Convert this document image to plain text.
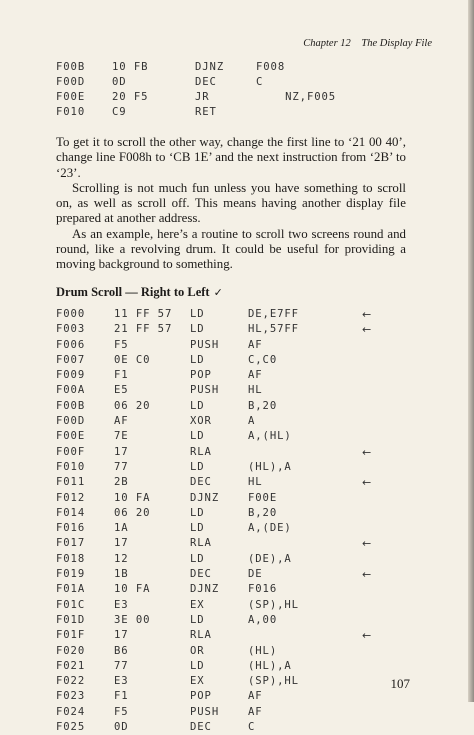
Chapter 12 The Display File
F00B	10 FB	DJNZ	F008
F00D	0D	DEC	C
F00E	20 F5	JR	NZ,F005
F010	C9	RET

To get it to scroll the other way, change the first line to ‘21 00 40’, change line F008h to ‘CB 1E’ and the next instruction from ‘2B’ to ‘23’.

Scrolling is not much fun unless you have something to scroll on, as well as scroll off. This means having another display file prepared at another address.

As an example, here’s a routine to scroll two screens round and round, like a revolving drum. It could be useful for providing a moving background to something.

Drum Scroll — Right to Left ✓
F000	11 FF 57 LD	DE,E7FF	←
F003	21 FF 57 LD	HL,57FF	←
F006	F5	PUSH	AF
F007	0E C0	LD	C,C0
F009	F1	POP	AF
F00A	E5	PUSH	HL
F00B	06 20	LD	B,20
F00D	AF	XOR	A
F00E	7E	LD	A,(HL)
F00F	17	RLA	←
F010	77	LD	(HL),A
F011	2B	DEC	HL	←
F012	10 FA	DJNZ	F00E
F014	06 20	LD	B,20
F016	1A	LD	A,(DE)
F017	17	RLA	←
F018	12	LD	(DE),A
F019	1B	DEC	DE	←
F01A	10 FA	DJNZ	F016
F01C	E3	EX	(SP),HL
F01D	3E 00	LD	A,00
F01F	17	RLA	←
F020	B6	OR	(HL)
F021	77	LD	(HL),A
F022	E3	EX	(SP),HL
F023	F1	POP	AF
F024	F5	PUSH	AF
F025	0D	DEC	C
107
